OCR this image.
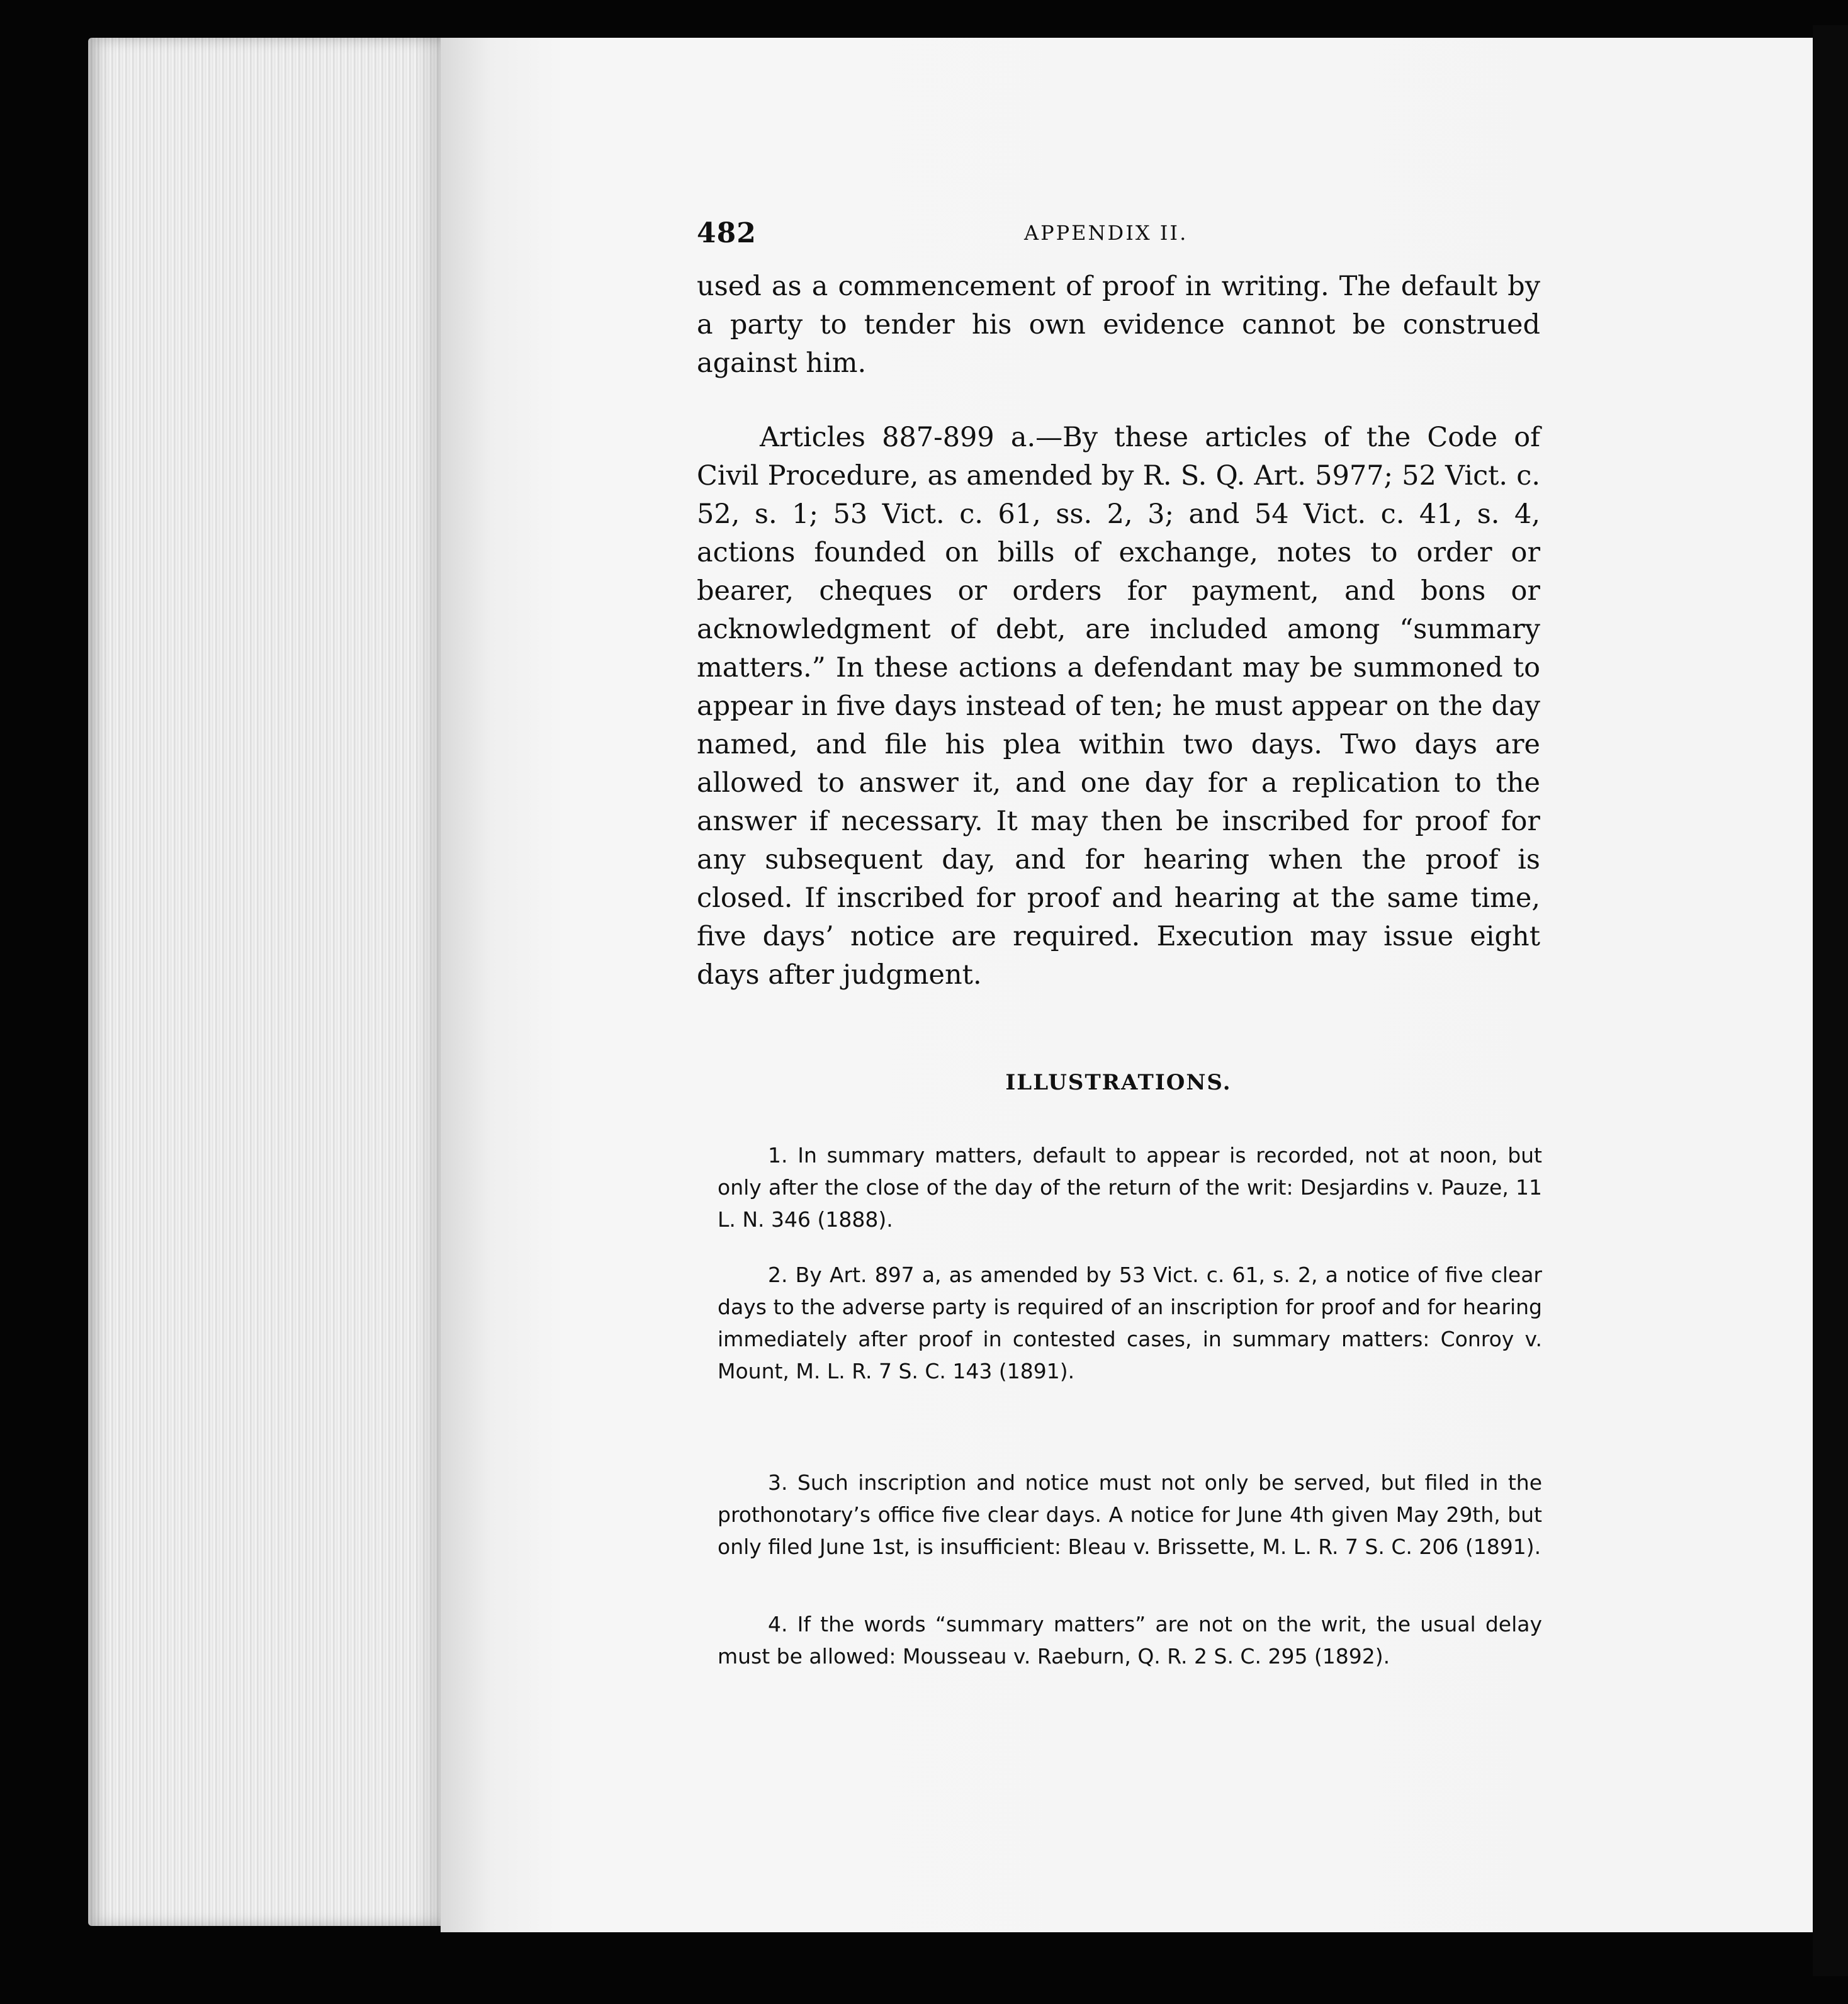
482	APPENDIX II.

used as a commencement of proof in writing. The default by a party to tender his own evidence cannot be construed against him.

Articles 887-899 a.—By these articles of the Code of Civil Procedure, as amended by R. S. Q. Art. 5977; 52 Vict. c. 52, s. 1; 53 Vict. c. 61, ss. 2, 3; and 54 Vict. c. 41, s. 4, actions founded on bills of exchange, notes to order or bearer, cheques or orders for payment, and bons or acknowledgment of debt, are included among “summary matters.” In these actions a defendant may be summoned to appear in five days instead of ten; he must appear on the day named, and file his plea within two days. Two days are allowed to answer it, and one day for a replication to the answer if necessary. It may then be inscribed for proof for any subsequent day, and for hearing when the proof is closed. If inscribed for proof and hearing at the same time, five days’ notice are required. Execution may issue eight days after judgment.

ILLUSTRATIONS.

1. In summary matters, default to appear is recorded, not at noon, but only after the close of the day of the return of the writ: Desjardins v. Pauze, 11 L. N. 346 (1888).

2. By Art. 897 a, as amended by 53 Vict. c. 61, s. 2, a notice of five clear days to the adverse party is required of an inscription for proof and for hearing immediately after proof in contested cases, in summary matters: Conroy v. Mount, M. L. R. 7 S. C. 143 (1891).

3. Such inscription and notice must not only be served, but filed in the prothonotary’s office five clear days. A notice for June 4th given May 29th, but only filed June 1st, is insufficient: Bleau v. Brissette, M. L. R. 7 S. C. 206 (1891).

4. If the words “summary matters” are not on the writ, the usual delay must be allowed: Mousseau v. Raeburn, Q. R. 2 S. C. 295 (1892).
